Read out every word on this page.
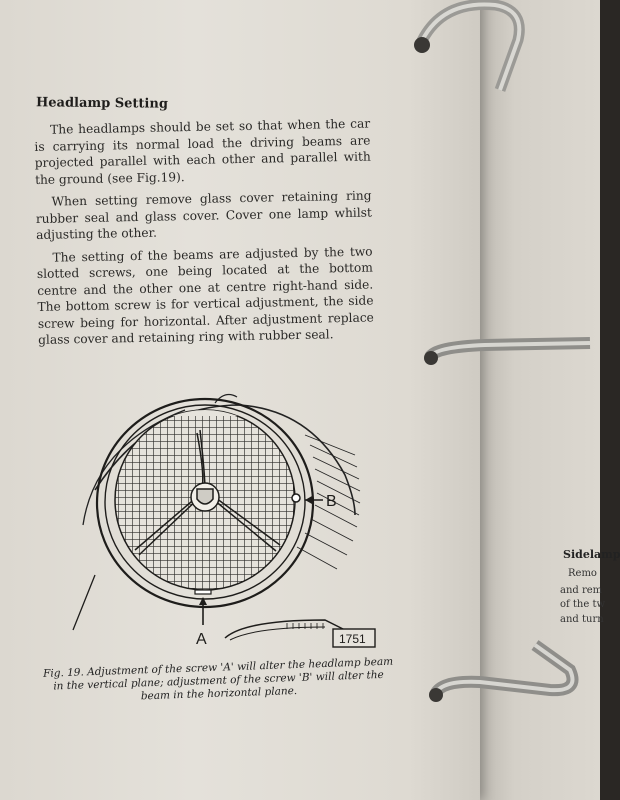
Sidelamp
Remo
and rem
of the tw
and turn
Headlamp Setting

The headlamps should be set so that when the car is carrying its normal load the driving beams are projected parallel with each other and parallel with the ground (see Fig.19).

When setting remove glass cover retaining ring rubber seal and glass cover. Cover one lamp whilst adjusting the other.

The setting of the beams are adjusted by the two slotted screws, one being located at the bottom centre and the other one at centre right-hand side. The bottom screw is for vertical adjustment, the side screw being for horizontal. After adjustment replace glass cover and retaining ring with rubber seal.

B
A	1751
Fig. 19. Adjustment of the screw 'A' will alter the headlamp beam in the vertical plane; adjustment of the screw 'B' will alter the beam in the horizontal plane.
